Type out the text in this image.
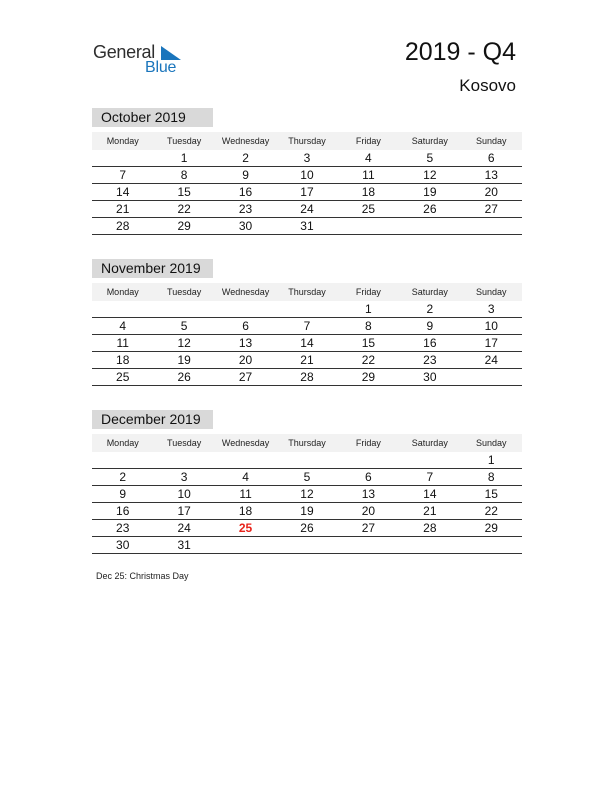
General
Blue
2019 - Q4
Kosovo
October 2019
Monday	Tuesday	Wednesday	Thursday	Friday	Saturday	Sunday
	1	2	3	4	5	6
7	8	9	10	11	12	13
14	15	16	17	18	19	20
21	22	23	24	25	26	27
28	29	30	31			
November 2019
Monday	Tuesday	Wednesday	Thursday	Friday	Saturday	Sunday
				1	2	3
4	5	6	7	8	9	10
11	12	13	14	15	16	17
18	19	20	21	22	23	24
25	26	27	28	29	30	
December 2019
Monday	Tuesday	Wednesday	Thursday	Friday	Saturday	Sunday
						1
2	3	4	5	6	7	8
9	10	11	12	13	14	15
16	17	18	19	20	21	22
23	24	25	26	27	28	29
30	31					
Dec 25: Christmas Day
